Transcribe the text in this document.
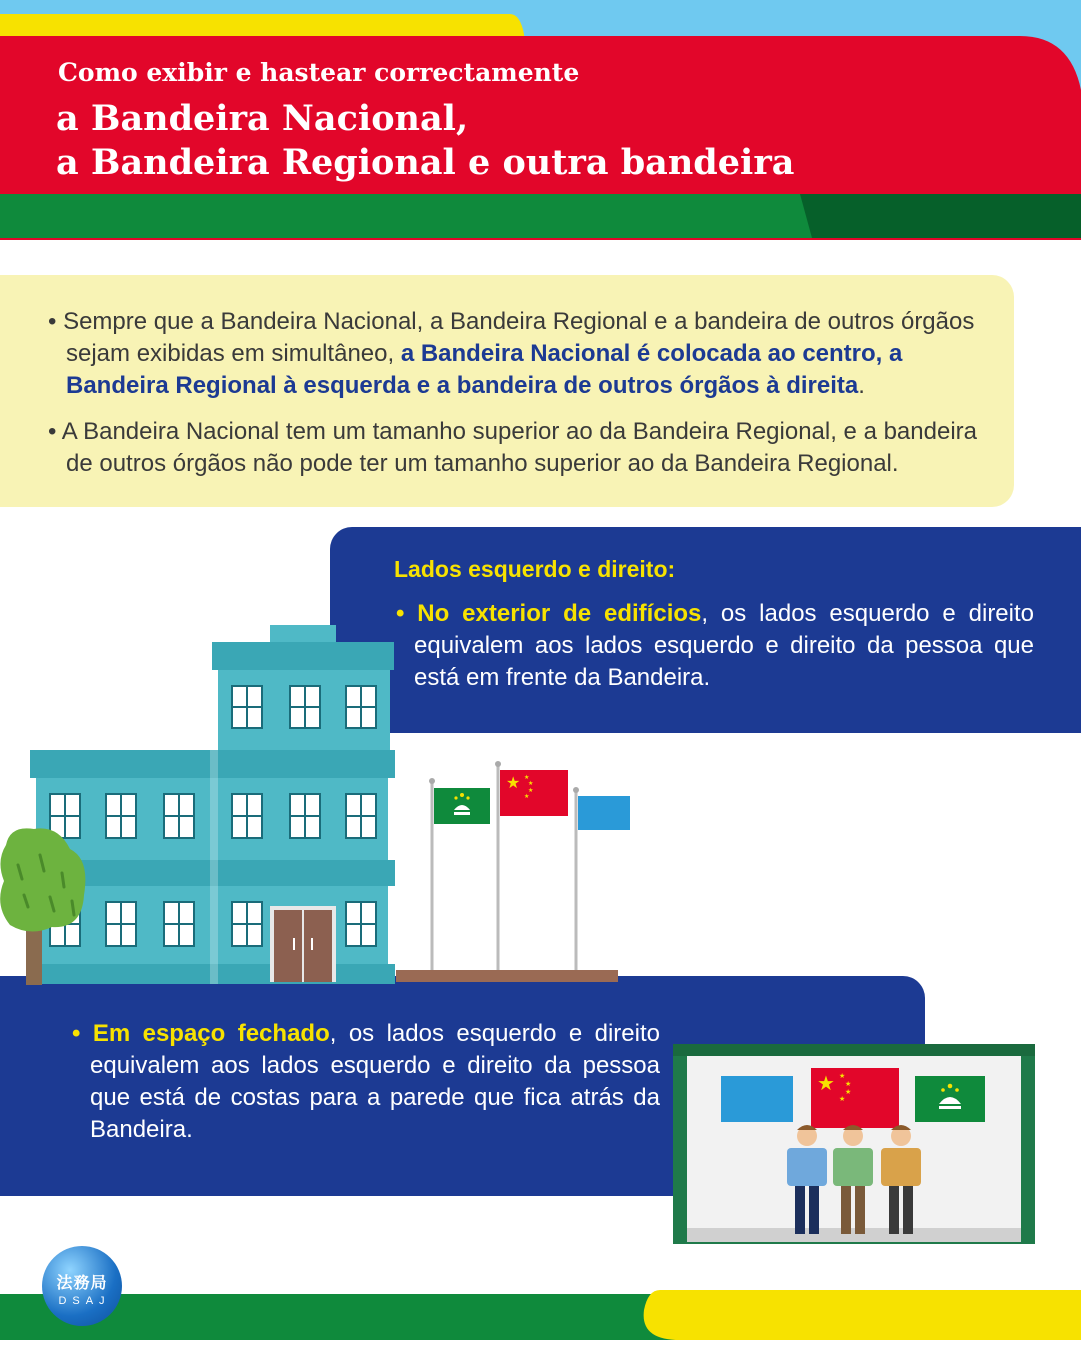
Como exibir e hastear correctamente
a Bandeira Nacional,
a Bandeira Regional e outra bandeira
• Sempre que a Bandeira Nacional, a Bandeira Regional e a bandeira de outros órgãos sejam exibidas em simultâneo, a Bandeira Nacional é colocada ao centro, a Bandeira Regional à esquerda e a bandeira de outros órgãos à direita.
• A Bandeira Nacional tem um tamanho superior ao da Bandeira Regional, e a bandeira de outros órgãos não pode ter um tamanho superior ao da Bandeira Regional.
Lados esquerdo e direito:
• No exterior de edifícios, os lados esquerdo e direito equivalem aos lados esquerdo e direito da pessoa que está em frente da Bandeira.
• Em espaço fechado, os lados esquerdo e direito equivalem aos lados esquerdo e direito da pessoa que está de costas para a parede que fica atrás da Bandeira.
★ ★
★
★
★
★ ★
★
★
★
法務局
DSAJ
